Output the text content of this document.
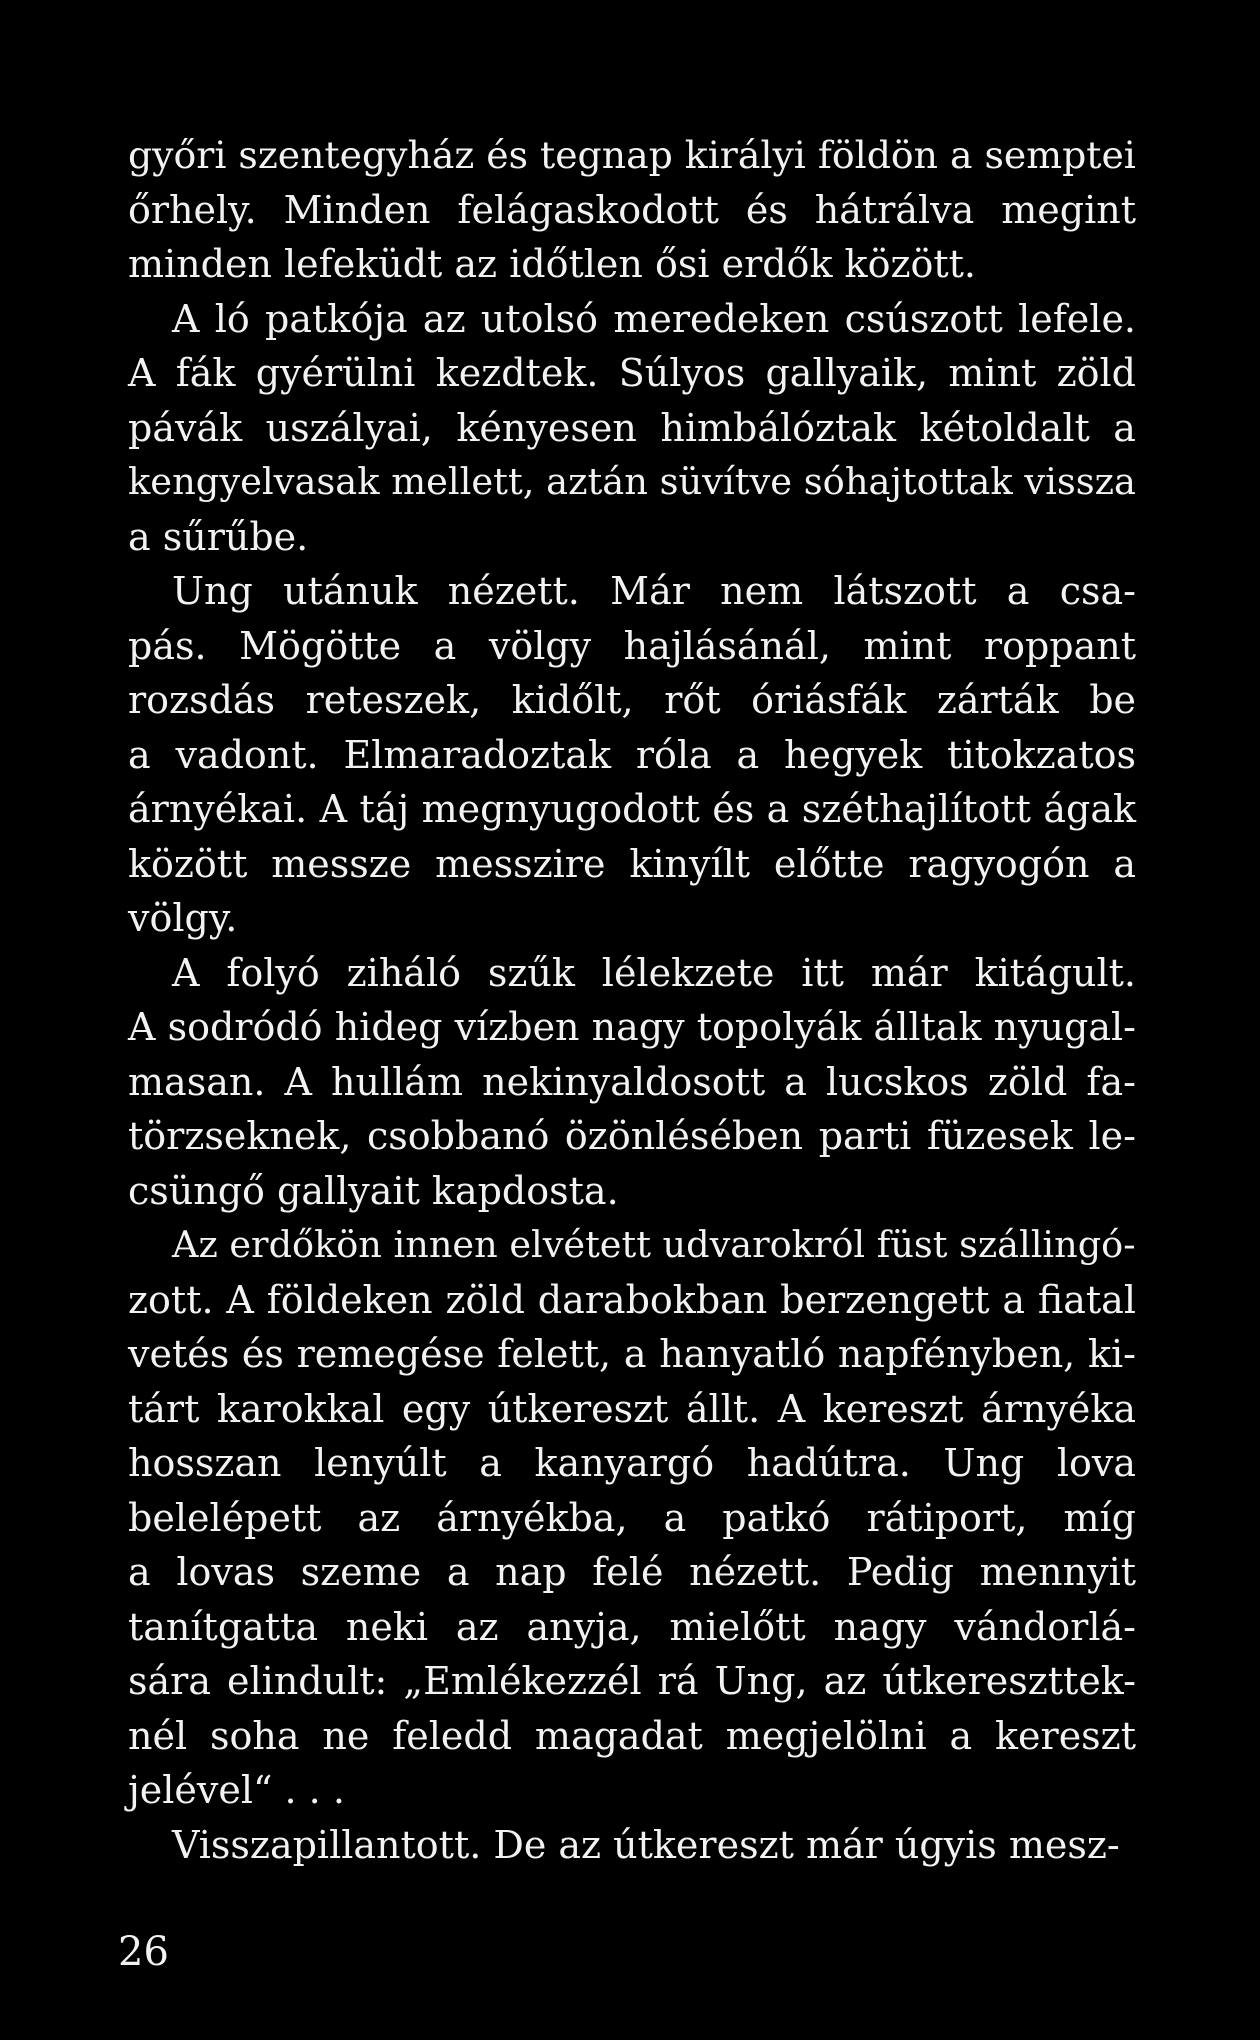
győri szentegyház és tegnap királyi földön a semptei
őrhely. Minden felágaskodott és hátrálva megint
minden lefeküdt az időtlen ősi erdők között.
A ló patkója az utolsó meredeken csúszott lefele.
A fák gyérülni kezdtek. Súlyos gallyaik, mint zöld
pávák uszályai, kényesen himbálóztak kétoldalt a
kengyelvasak mellett, aztán süvítve sóhajtottak vissza
a sűrűbe.
Ung utánuk nézett. Már nem látszott a csa-
pás. Mögötte a völgy hajlásánál, mint roppant
rozsdás reteszek, kidőlt, rőt óriásfák zárták be
a vadont. Elmaradoztak róla a hegyek titokzatos
árnyékai. A táj megnyugodott és a széthajlított ágak
között messze messzire kinyílt előtte ragyogón a
völgy.
A folyó ziháló szűk lélekzete itt már kitágult.
A sodródó hideg vízben nagy topolyák álltak nyugal-
masan. A hullám nekinyaldosott a lucskos zöld fa-
törzseknek, csobbanó özönlésében parti füzesek le-
csüngő gallyait kapdosta.
Az erdőkön innen elvétett udvarokról füst szállingó-
zott. A földeken zöld darabokban berzengett a fiatal
vetés és remegése felett, a hanyatló napfényben, ki-
tárt karokkal egy útkereszt állt. A kereszt árnyéka
hosszan lenyúlt a kanyargó hadútra. Ung lova
belelépett az árnyékba, a patkó rátiport, míg
a lovas szeme a nap felé nézett. Pedig mennyit
tanítgatta neki az anyja, mielőtt nagy vándorlá-
sára elindult: „Emlékezzél rá Ung, az útkereszttek-
nél soha ne feledd magadat megjelölni a kereszt
jelével“ . . .
Visszapillantott. De az útkereszt már úgyis mesz-
26
